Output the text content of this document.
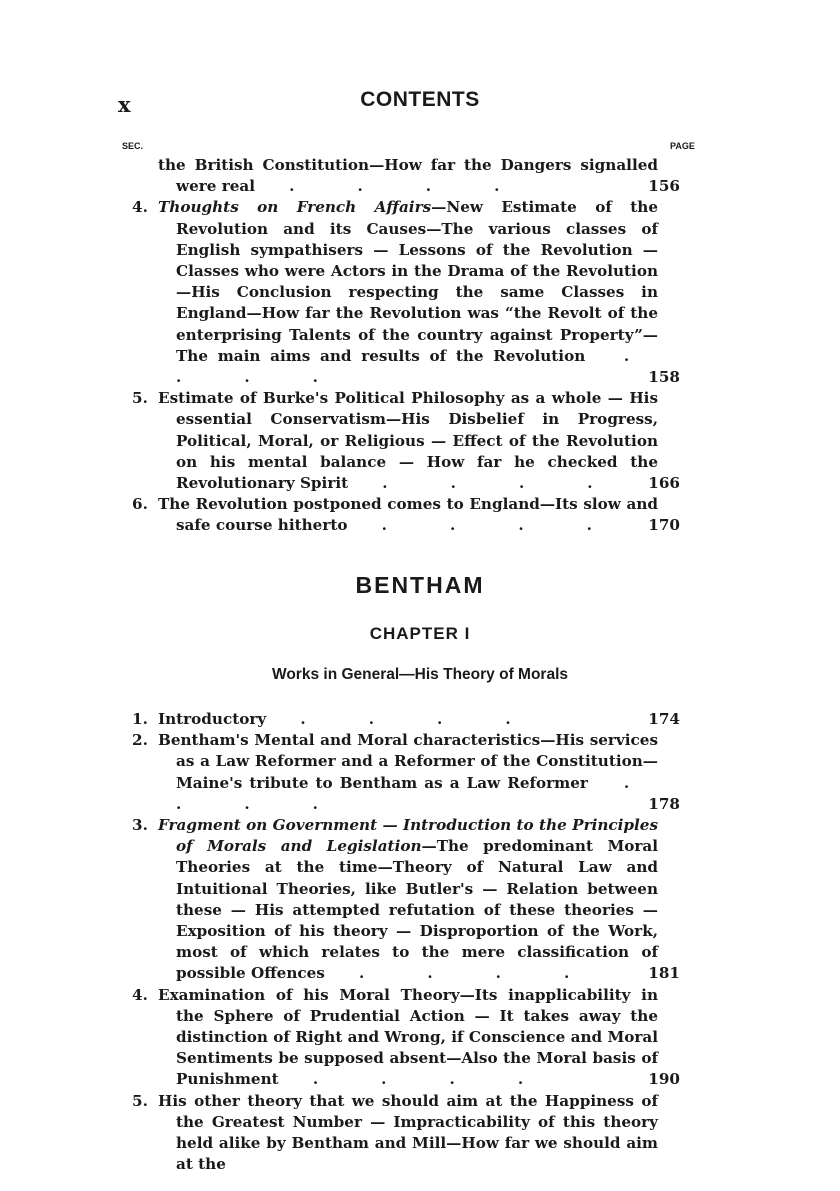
x	CONTENTS
SEC.	PAGE
the British Constitution—How far the Dangers signalled were real . . . .	156
4. Thoughts on French Affairs—New Estimate of the Revolution and its Causes—The various classes of English sympathisers — Lessons of the Revolution — Classes who were Actors in the Drama of the Revolution—His Conclusion respecting the same Classes in England—How far the Revolution was “the Revolt of the enterprising Talents of the country against Property”—The main aims and results of the Revolution . . . .	158
5. Estimate of Burke's Political Philosophy as a whole — His essential Conservatism—His Disbelief in Progress, Political, Moral, or Religious — Effect of the Revolution on his mental balance — How far he checked the Revolutionary Spirit . . . .	166
6. The Revolution postponed comes to England—Its slow and safe course hitherto . . . .	170
BENTHAM
CHAPTER I
Works in General—His Theory of Morals
1. Introductory . . . .	174
2. Bentham's Mental and Moral characteristics—His services as a Law Reformer and a Reformer of the Constitution—Maine's tribute to Bentham as a Law Reformer . . . .	178
3. Fragment on Government — Introduction to the Principles of Morals and Legislation—The predominant Moral Theories at the time—Theory of Natural Law and Intuitional Theories, like Butler's — Relation between these — His attempted refutation of these theories — Exposition of his theory — Disproportion of the Work, most of which relates to the mere classification of possible Offences . . . .	181
4. Examination of his Moral Theory—Its inapplicability in the Sphere of Prudential Action — It takes away the distinction of Right and Wrong, if Conscience and Moral Sentiments be supposed absent—Also the Moral basis of Punishment . . . .	190
5. His other theory that we should aim at the Happiness of the Greatest Number — Impracticability of this theory held alike by Bentham and Mill—How far we should aim at the
